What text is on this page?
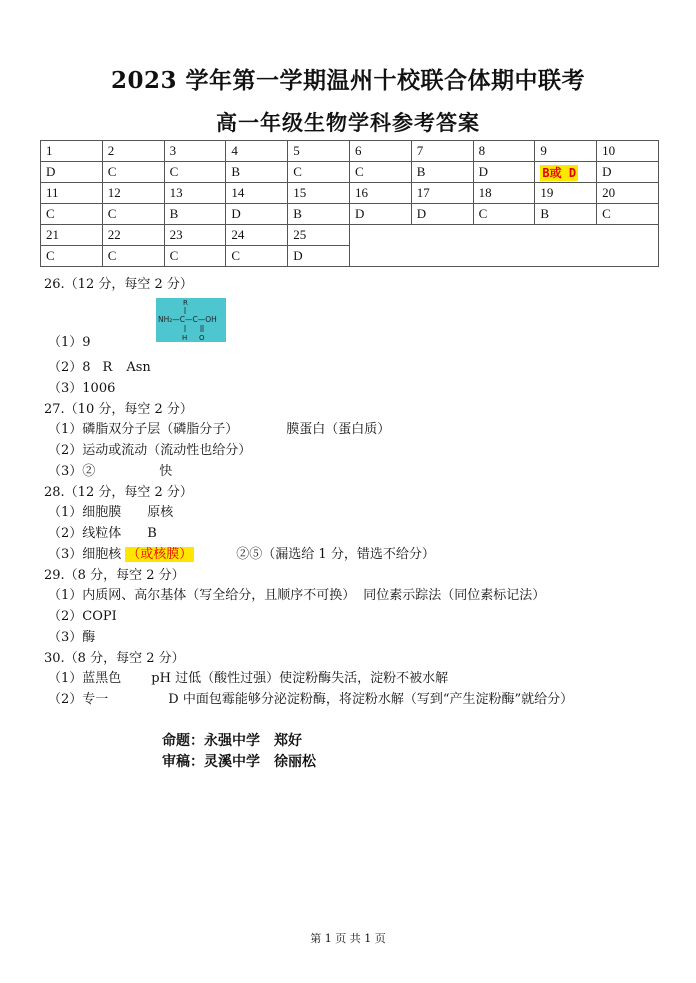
2023 学年第一学期温州十校联合体期中联考
高一年级生物学科参考答案
1	2	3	4	5	6	7	8	9	10
D	C	C	B	C	C	B	D	B或 D	D
11	12	13	14	15	16	17	18	19	20
C	C	B	D	B	D	D	C	B	C
21	22	23	24	25					
C	C	C	C	D					
26.（12 分，每空 2 分）
R
NH₂—C—C—OH
H O
（1）9
（2）8 R Asn
（3）1006
27.（10 分，每空 2 分）
（1）磷脂双分子层（磷脂分子）	膜蛋白（蛋白质）
（2）运动或流动（流动性也给分）
（3）②	快
28.（12 分，每空 2 分）
（1）细胞膜 原核
（2）线粒体 B
（3）细胞核 （或核膜）	②⑤（漏选给 1 分，错选不给分）
29.（8 分，每空 2 分）
（1）内质网、高尔基体（写全给分，且顺序不可换） 同位素示踪法（同位素标记法）
（2）COPI
（3）酶
30.（8 分，每空 2 分）
（1）蓝黑色 pH 过低（酸性过强）使淀粉酶失活，淀粉不被水解
（2）专一	D 中面包霉能够分泌淀粉酶，将淀粉水解（写到“产生淀粉酶”就给分）
命题：永强中学　郑好
审稿：灵溪中学　徐丽松
第 1 页 共 1 页
